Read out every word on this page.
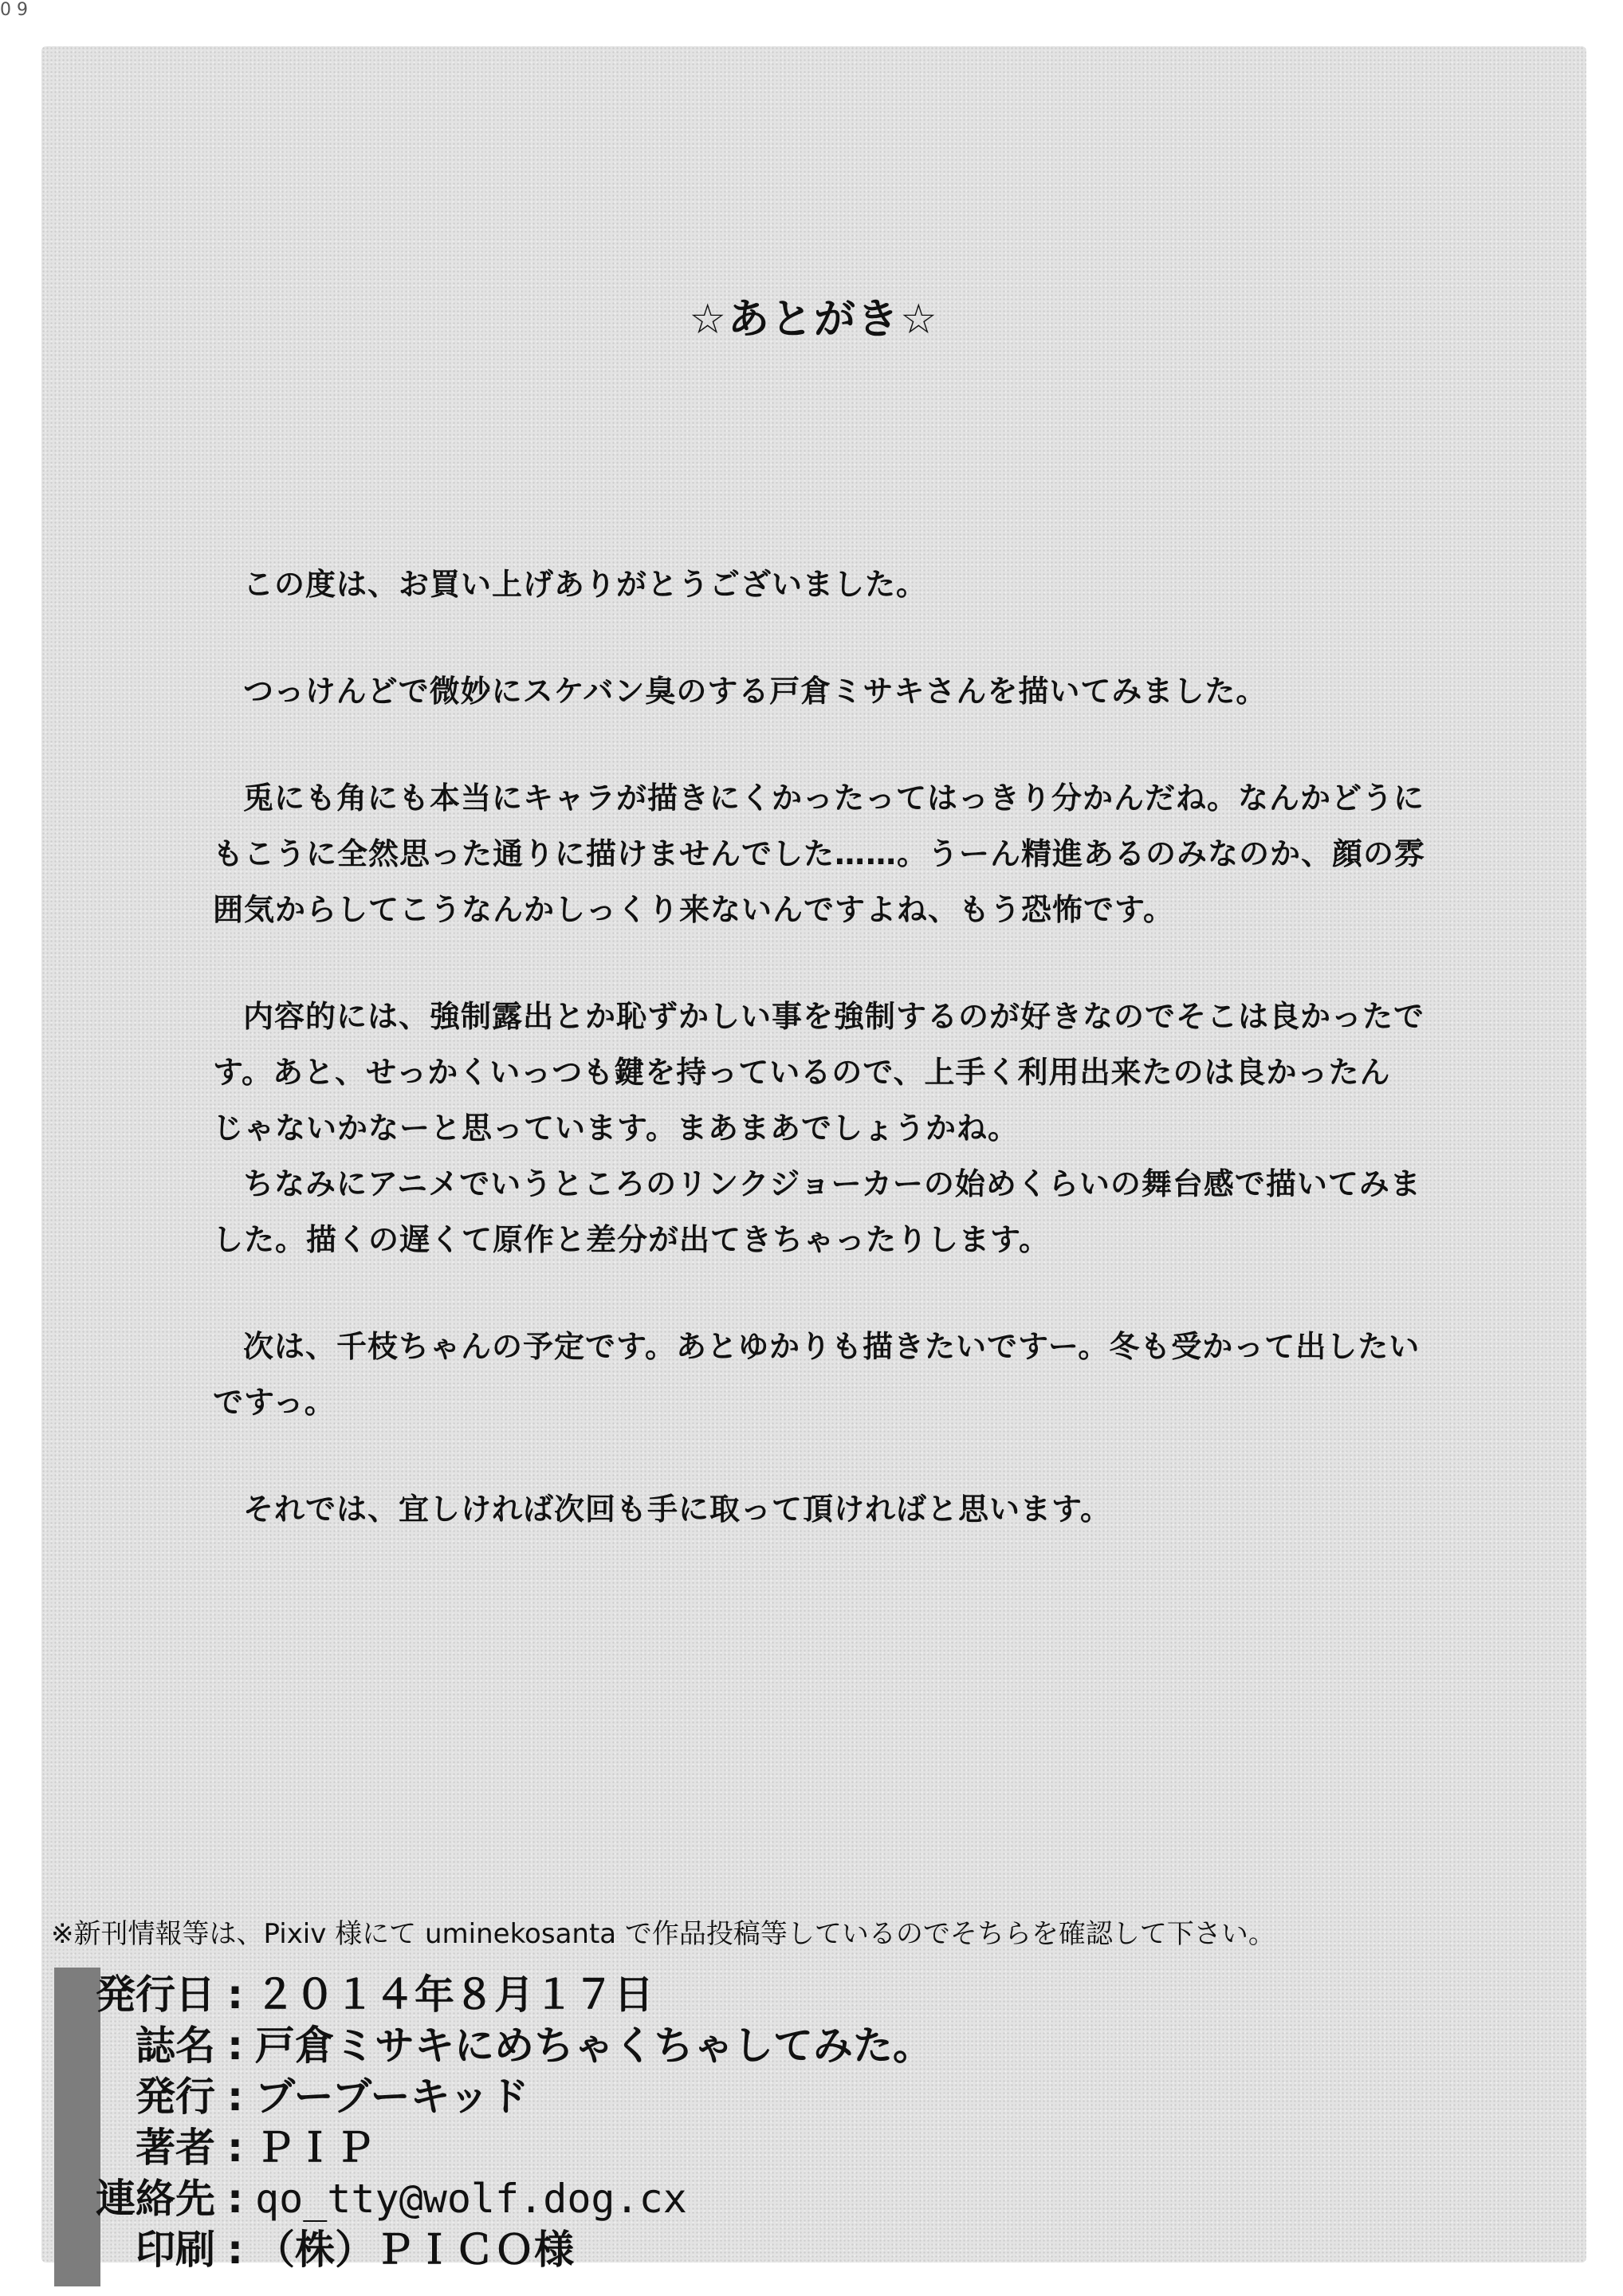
☆あとがき☆

この度は、お買い上げありがとうございました。

つっけんどで微妙にスケバン臭のする戸倉ミサキさんを描いてみました。

兎にも角にも本当にキャラが描きにくかったってはっきり分かんだね。なんかどうに
もこうに全然思った通りに描けませんでした……。うーん精進あるのみなのか、顔の雰
囲気からしてこうなんかしっくり来ないんですよね、もう恐怖です。

内容的には、強制露出とか恥ずかしい事を強制するのが好きなのでそこは良かったで
す。あと、せっかくいっつも鍵を持っているので、上手く利用出来たのは良かったん
じゃないかなーと思っています。まあまあでしょうかね。

ちなみにアニメでいうところのリンクジョーカーの始めくらいの舞台感で描いてみま
した。描くの遅くて原作と差分が出てきちゃったりします。

次は、千枝ちゃんの予定です。あとゆかりも描きたいですー。冬も受かって出したい
ですっ。

それでは、宜しければ次回も手に取って頂ければと思います。

※新刊情報等は、Pixiv 様にて uminekosanta で作品投稿等しているのでそちらを確認して下さい。
発行日 : ２０１４年８月１７日
誌名 : 戸倉ミサキにめちゃくちゃしてみた。
発行 : ブーブーキッド
著者 : ＰＩＰ
連絡先 : qo_tty@wolf.dog.cx
印刷 : （株）ＰＩＣＯ様
0 9
